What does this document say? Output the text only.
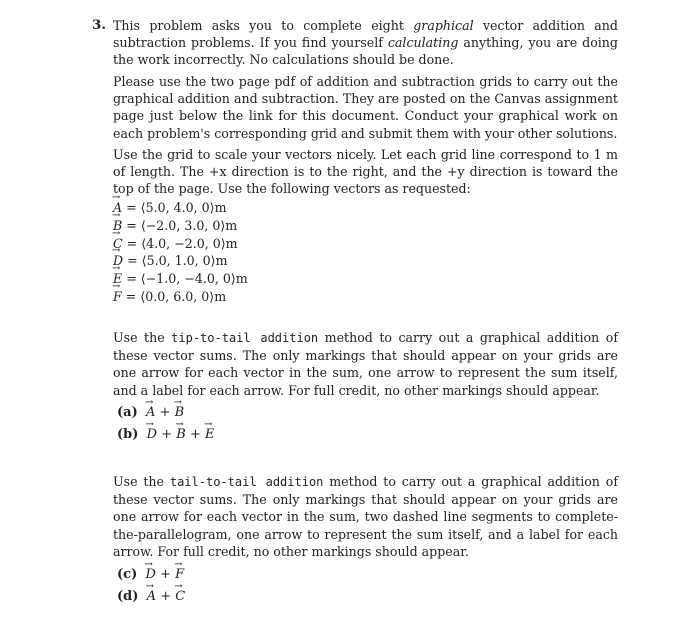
3. This problem asks you to complete eight graphical vector addition and subtraction problems. If you find yourself calculating anything, you are doing the work incorrectly. No calculations should be done.

Please use the two page pdf of addition and subtraction grids to carry out the graphical addition and subtraction. They are posted on the Canvas assignment page just below the link for this document. Conduct your graphical work on each problem's corresponding grid and submit them with your other solutions.

Use the grid to scale your vectors nicely. Let each grid line correspond to 1 m of length. The +x direction is to the right, and the +y direction is toward the top of the page. Use the following vectors as requested:

→ A = ⟨5.0, 4.0, 0⟩m
→ B = ⟨−2.0, 3.0, 0⟩m
→ C = ⟨4.0, −2.0, 0⟩m
→ D = ⟨5.0, 1.0, 0⟩m
→ E = ⟨−1.0, −4.0, 0⟩m
→ F = ⟨0.0, 6.0, 0⟩m

Use the tip-to-tail addition method to carry out a graphical addition of these vector sums. The only markings that should appear on your grids are one arrow for each vector in the sum, one arrow to represent the sum itself, and a label for each arrow. For full credit, no other markings should appear.

(a) → A + → B
(b) → D + → B + → E

Use the tail-to-tail addition method to carry out a graphical addition of these vector sums. The only markings that should appear on your grids are one arrow for each vector in the sum, two dashed line segments to complete-the-parallelogram, one arrow to represent the sum itself, and a label for each arrow. For full credit, no other markings should appear.

(c) → D + → F
(d) → A + → C
